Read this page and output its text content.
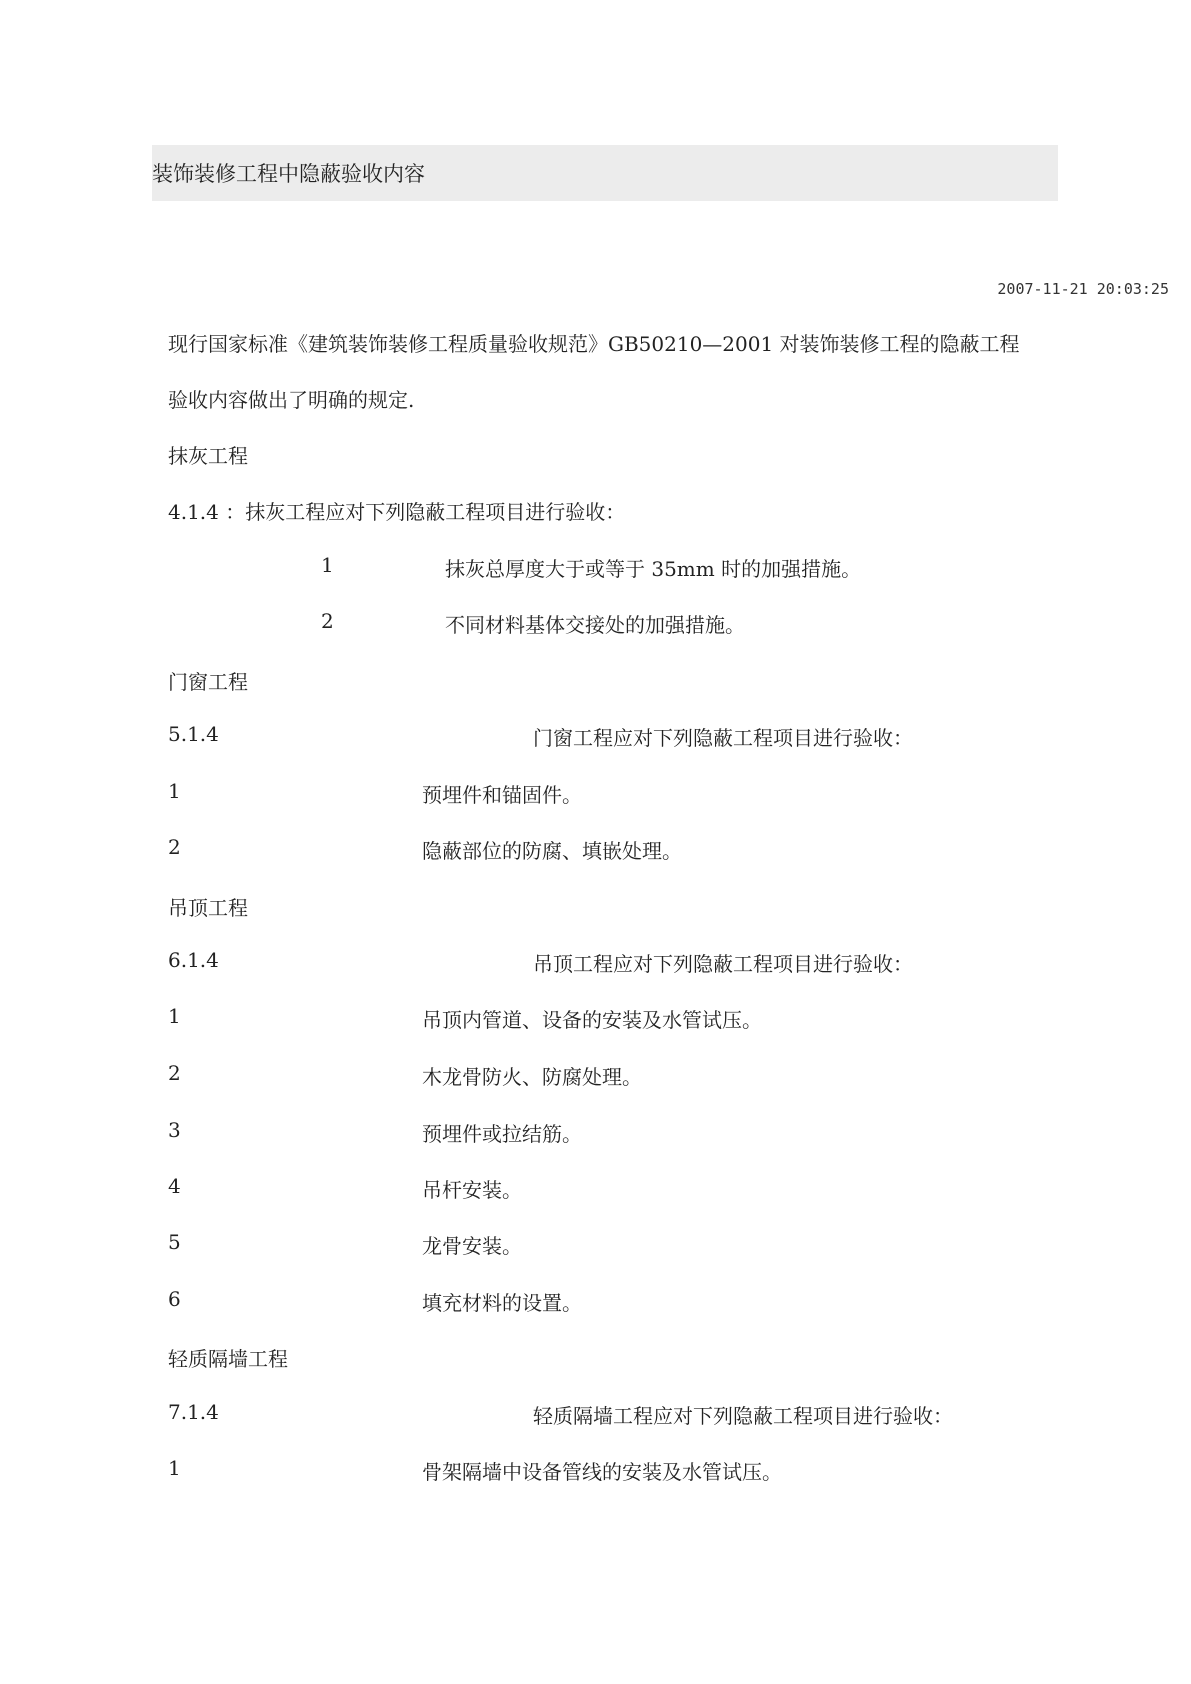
装饰装修工程中隐蔽验收内容
2007-11-21 20:03:25
现行国家标准《建筑装饰装修工程质量验收规范》GB50210—2001 对装饰装修工程的隐蔽工程
验收内容做出了明确的规定.
抹灰工程
4.1.4 ：抹灰工程应对下列隐蔽工程项目进行验收：
1	抹灰总厚度大于或等于 35mm 时的加强措施。
2	不同材料基体交接处的加强措施。
门窗工程
5.1.4	门窗工程应对下列隐蔽工程项目进行验收：
1	预埋件和锚固件。
2	隐蔽部位的防腐、填嵌处理。
吊顶工程
6.1.4	吊顶工程应对下列隐蔽工程项目进行验收：
1	吊顶内管道、设备的安装及水管试压。
2	木龙骨防火、防腐处理。
3	预埋件或拉结筋。
4	吊杆安装。
5	龙骨安装。
6	填充材料的设置。
轻质隔墙工程
7.1.4	轻质隔墙工程应对下列隐蔽工程项目进行验收：
1	骨架隔墙中设备管线的安装及水管试压。
